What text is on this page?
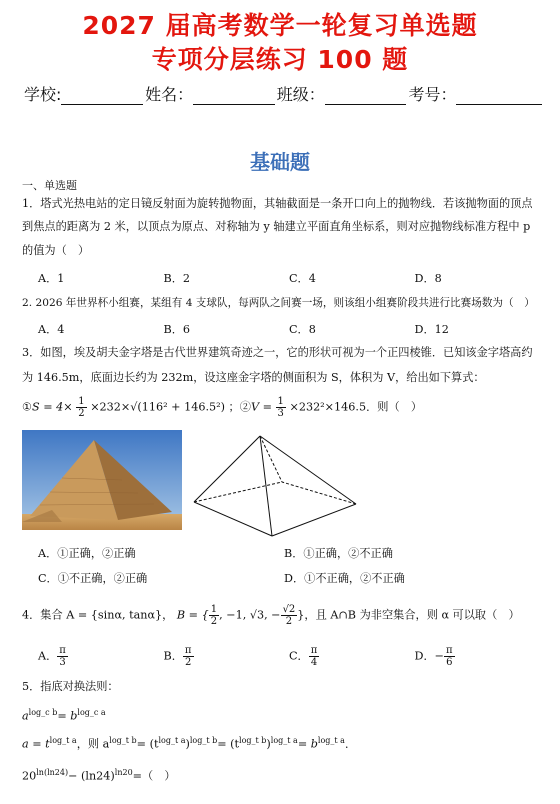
2027 届高考数学一轮复习单选题
专项分层练习 100 题
学校:	姓名：	班级：	考号：
基础题
一、单选题
1．塔式光热电站的定日镜反射面为旋转抛物面，其轴截面是一条开口向上的抛物线．若该抛物面的顶点
到焦点的距离为 2 米，以顶点为原点、对称轴为 y 轴建立平面直角坐标系，则对应抛物线标准方程中 p
的值为（　）
A．1	B．2	C．4	D．8
2. 2026 年世界杯小组赛，某组有 4 支球队，每两队之间赛一场，则该组小组赛阶段共进行比赛场数为（　）
A．4	B．6	C．8	D．12
3．如图，埃及胡夫金字塔是古代世界建筑奇迹之一，它的形状可视为一个正四棱锥．已知该金字塔高约
为 146.5m，底面边长约为 232m，设这座金字塔的侧面积为 S，体积为 V，给出如下算式：
①S = $4\times \frac{1}{2} \times 232\times√(116^2 + 146.5^2)$ ；②V = $\frac{1}{3} \times 232^2\times 146.5$．则（　）
A．①正确，②正确	B．①正确，②不正确
C．①不正确，②正确	D．①不正确，②不正确
4．集合 A = {sinα, tanα}， B = { $\frac{1}{2}$ , −1, √3, − $\frac{√2}{2}$ }，且 A∩B 为非空集合，则 α 可以取（　）
A． $\frac{\pi}{3}$	B． $\frac{\pi}{2}$	C． $\frac{\pi}{4}$	D．− $\frac{\pi}{6}$
5．指底对换法则：
$a^{log\_c b}= b^{log\_c a}$
$a = t^{log\_t a}$，则 $a^{log\_t b}= (t^{log\_t a})^{log\_t b}= (t^{log\_t b})^{log\_t a}= b^{log\_t a}$．
$20^{ln(ln24)}- (\ln 24)^{ln20}=$（　）
